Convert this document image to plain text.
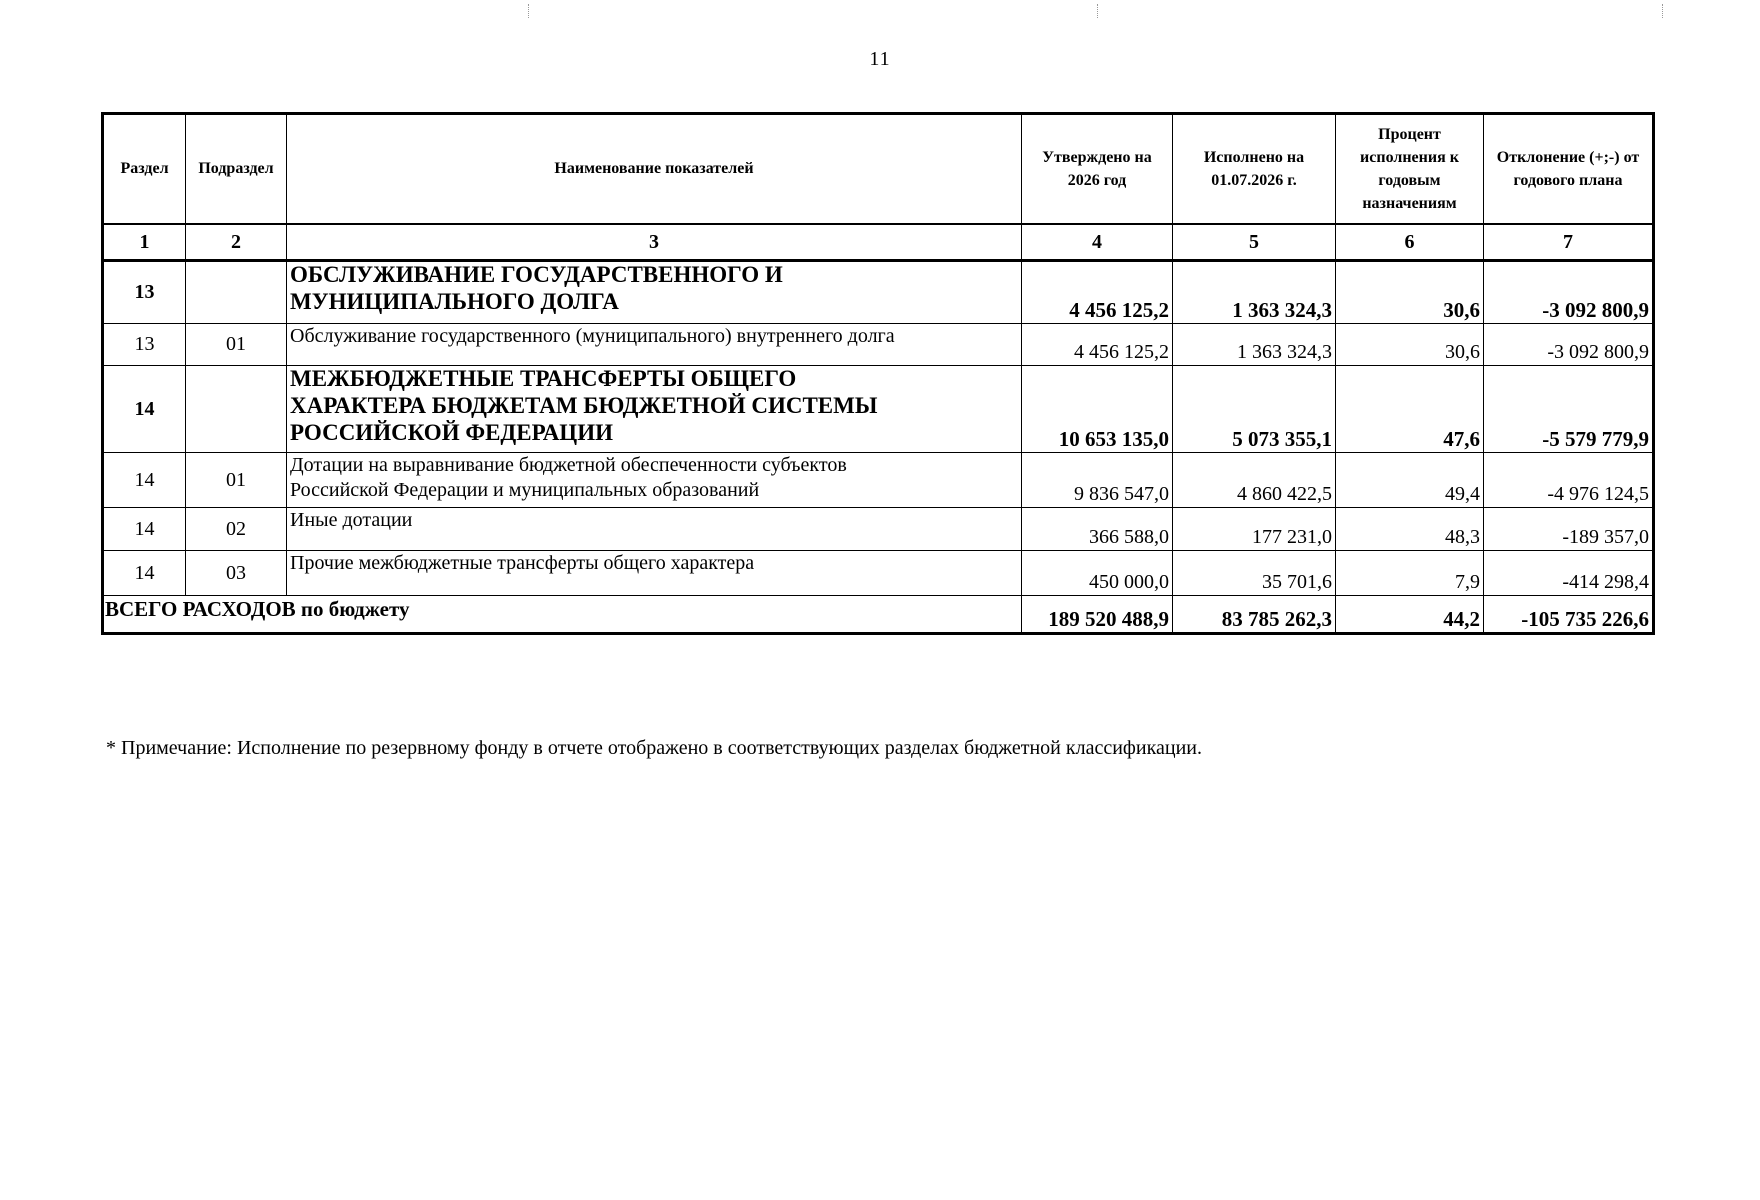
11
Раздел	Подраздел	Наименование показателей	Утверждено на 2026 год	Исполнено на 01.07.2026 г.	Процент исполнения к годовым назначениям	Отклонение (+;-) от годового плана
1	2	3	4	5	6	7
13		ОБСЛУЖИВАНИЕ ГОСУДАРСТВЕННОГО И МУНИЦИПАЛЬНОГО ДОЛГА	4 456 125,2	1 363 324,3	30,6	-3 092 800,9
13	01	Обслуживание государственного (муниципального) внутреннего долга	4 456 125,2	1 363 324,3	30,6	-3 092 800,9
14		МЕЖБЮДЖЕТНЫЕ ТРАНСФЕРТЫ ОБЩЕГО ХАРАКТЕРА БЮДЖЕТАМ БЮДЖЕТНОЙ СИСТЕМЫ РОССИЙСКОЙ ФЕДЕРАЦИИ	10 653 135,0	5 073 355,1	47,6	-5 579 779,9
14	01	Дотации на выравнивание бюджетной обеспеченности субъектов Российской Федерации и муниципальных образований	9 836 547,0	4 860 422,5	49,4	-4 976 124,5
14	02	Иные дотации	366 588,0	177 231,0	48,3	-189 357,0
14	03	Прочие межбюджетные трансферты общего характера	450 000,0	35 701,6	7,9	-414 298,4
ВСЕГО РАСХОДОВ по бюджету			189 520 488,9	83 785 262,3	44,2	-105 735 226,6
* Примечание: Исполнение по резервному фонду в отчете отображено в соответствующих разделах бюджетной классификации.
